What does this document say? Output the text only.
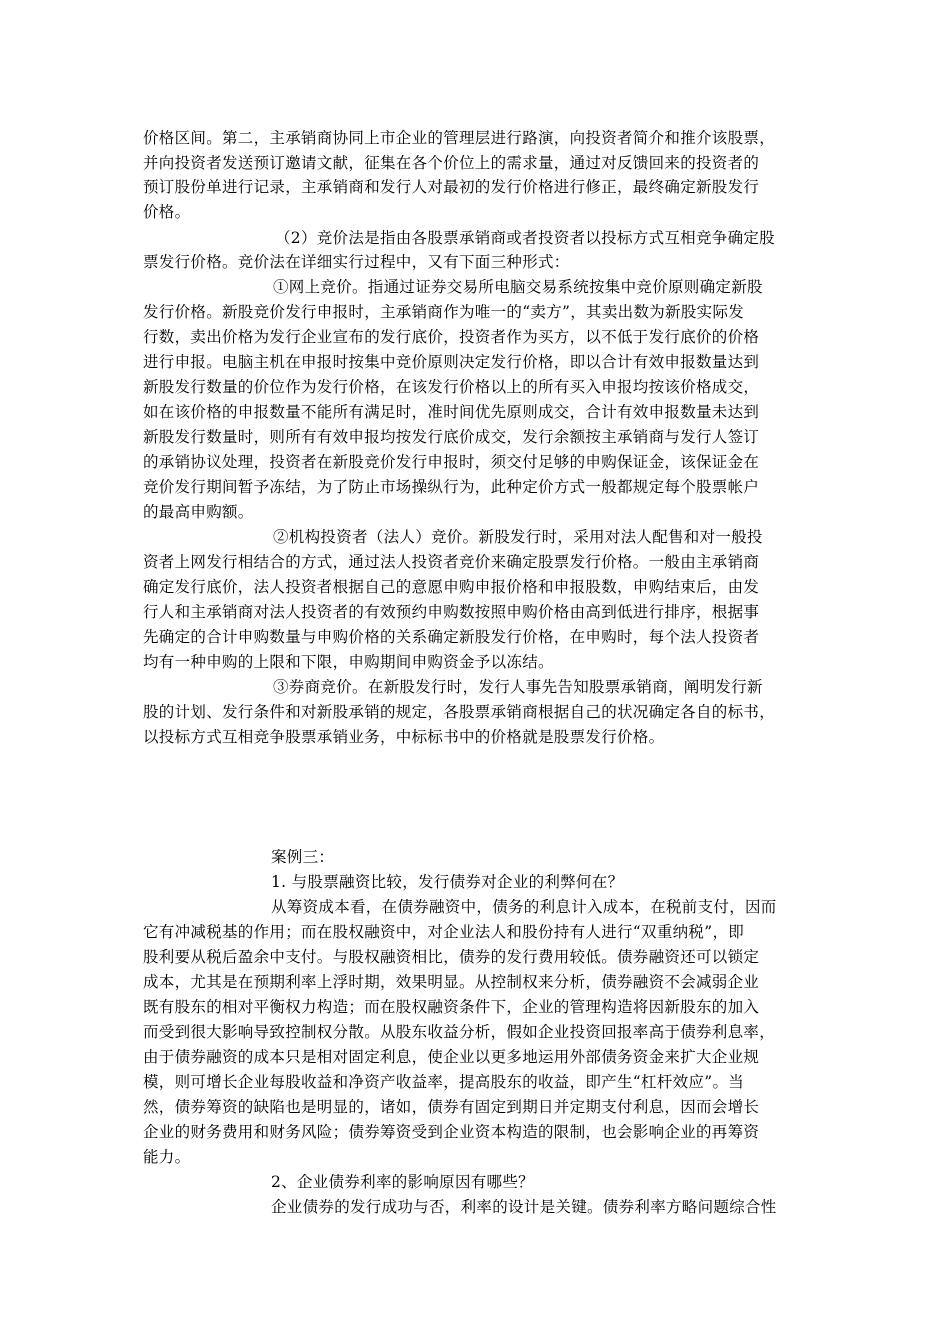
价格区间。第二，主承销商协同上市企业的管理层进行路演，向投资者简介和推介该股票，
并向投资者发送预订邀请文献，征集在各个价位上的需求量，通过对反馈回来的投资者的
预订股份单进行记录，主承销商和发行人对最初的发行价格进行修正，最终确定新股发行
价格。
（2）竞价法是指由各股票承销商或者投资者以投标方式互相竞争确定股
票发行价格。竞价法在详细实行过程中，又有下面三种形式：
①网上竞价。指通过证券交易所电脑交易系统按集中竞价原则确定新股
发行价格。新股竞价发行申报时，主承销商作为唯一的“卖方”，其卖出数为新股实际发
行数，卖出价格为发行企业宣布的发行底价，投资者作为买方，以不低于发行底价的价格
进行申报。电脑主机在申报时按集中竞价原则决定发行价格，即以合计有效申报数量达到
新股发行数量的价位作为发行价格，在该发行价格以上的所有买入申报均按该价格成交，
如在该价格的申报数量不能所有满足时，准时间优先原则成交，合计有效申报数量未达到
新股发行数量时，则所有有效申报均按发行底价成交，发行余额按主承销商与发行人签订
的承销协议处理，投资者在新股竞价发行申报时，须交付足够的申购保证金，该保证金在
竞价发行期间暂予冻结，为了防止市场操纵行为，此种定价方式一般都规定每个股票帐户
的最高申购额。
②机构投资者（法人）竞价。新股发行时，采用对法人配售和对一般投
资者上网发行相结合的方式，通过法人投资者竞价来确定股票发行价格。一般由主承销商
确定发行底价，法人投资者根据自己的意愿申购申报价格和申报股数，申购结束后，由发
行人和主承销商对法人投资者的有效预约申购数按照申购价格由高到低进行排序，根据事
先确定的合计申购数量与申购价格的关系确定新股发行价格，在申购时，每个法人投资者
均有一种申购的上限和下限，申购期间申购资金予以冻结。
③券商竞价。在新股发行时，发行人事先告知股票承销商，阐明发行新
股的计划、发行条件和对新股承销的规定，各股票承销商根据自己的状况确定各自的标书，
以投标方式互相竞争股票承销业务，中标标书中的价格就是股票发行价格。
案例三：
1. 与股票融资比较，发行债券对企业的利弊何在？
从筹资成本看，在债券融资中，债务的利息计入成本，在税前支付，因而
它有冲减税基的作用；而在股权融资中，对企业法人和股份持有人进行“双重纳税”，即
股利要从税后盈余中支付。与股权融资相比，债券的发行费用较低。债券融资还可以锁定
成本，尤其是在预期利率上浮时期，效果明显。从控制权来分析，债券融资不会减弱企业
既有股东的相对平衡权力构造；而在股权融资条件下，企业的管理构造将因新股东的加入
而受到很大影响导致控制权分散。从股东收益分析，假如企业投资回报率高于债券利息率，
由于债券融资的成本只是相对固定利息，使企业以更多地运用外部债务资金来扩大企业规
模，则可增长企业每股收益和净资产收益率，提高股东的收益，即产生“杠杆效应”。当
然，债券筹资的缺陷也是明显的，诸如，债券有固定到期日并定期支付利息，因而会增长
企业的财务费用和财务风险；债券筹资受到企业资本构造的限制，也会影响企业的再筹资
能力。
2、企业债券利率的影响原因有哪些？
企业债券的发行成功与否，利率的设计是关键。债券利率方略问题综合性
